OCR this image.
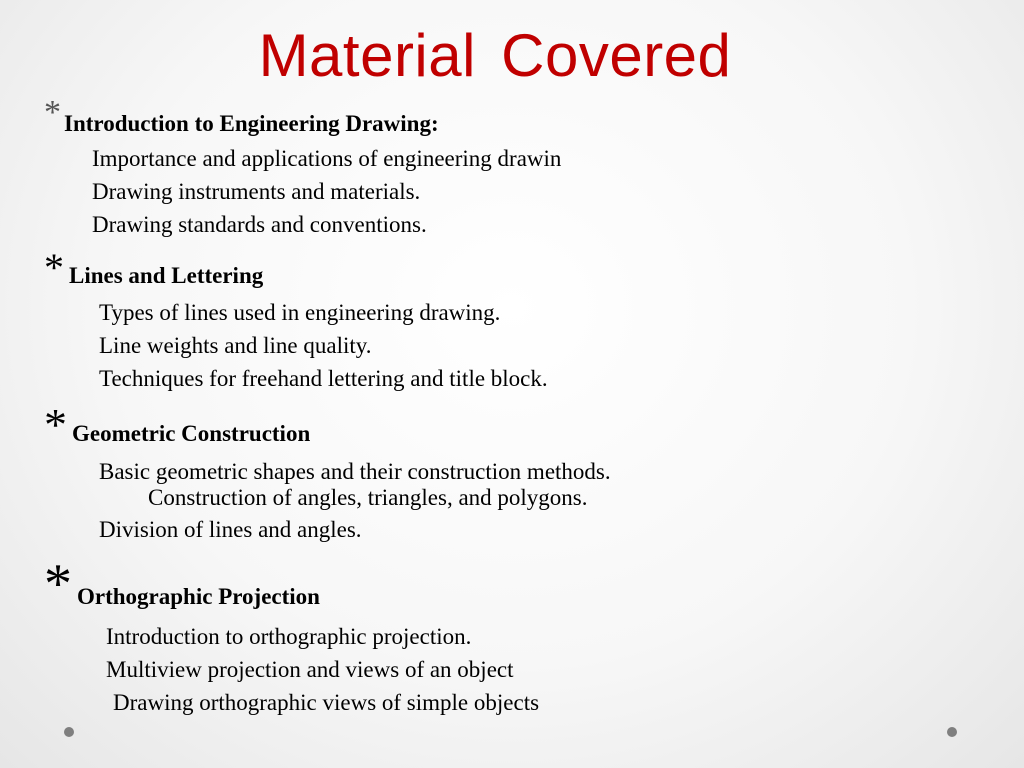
Material Covered
* Introduction to Engineering Drawing:
Importance and applications of engineering drawin
Drawing instruments and materials.
Drawing standards and conventions.
* Lines and Lettering
Types of lines used in engineering drawing.
Line weights and line quality.
Techniques for freehand lettering and title block.
* Geometric Construction
Basic geometric shapes and their construction methods.
Construction of angles, triangles, and polygons.
Division of lines and angles.
* Orthographic Projection
Introduction to orthographic projection.
Multiview projection and views of an object
Drawing orthographic views of simple objects
